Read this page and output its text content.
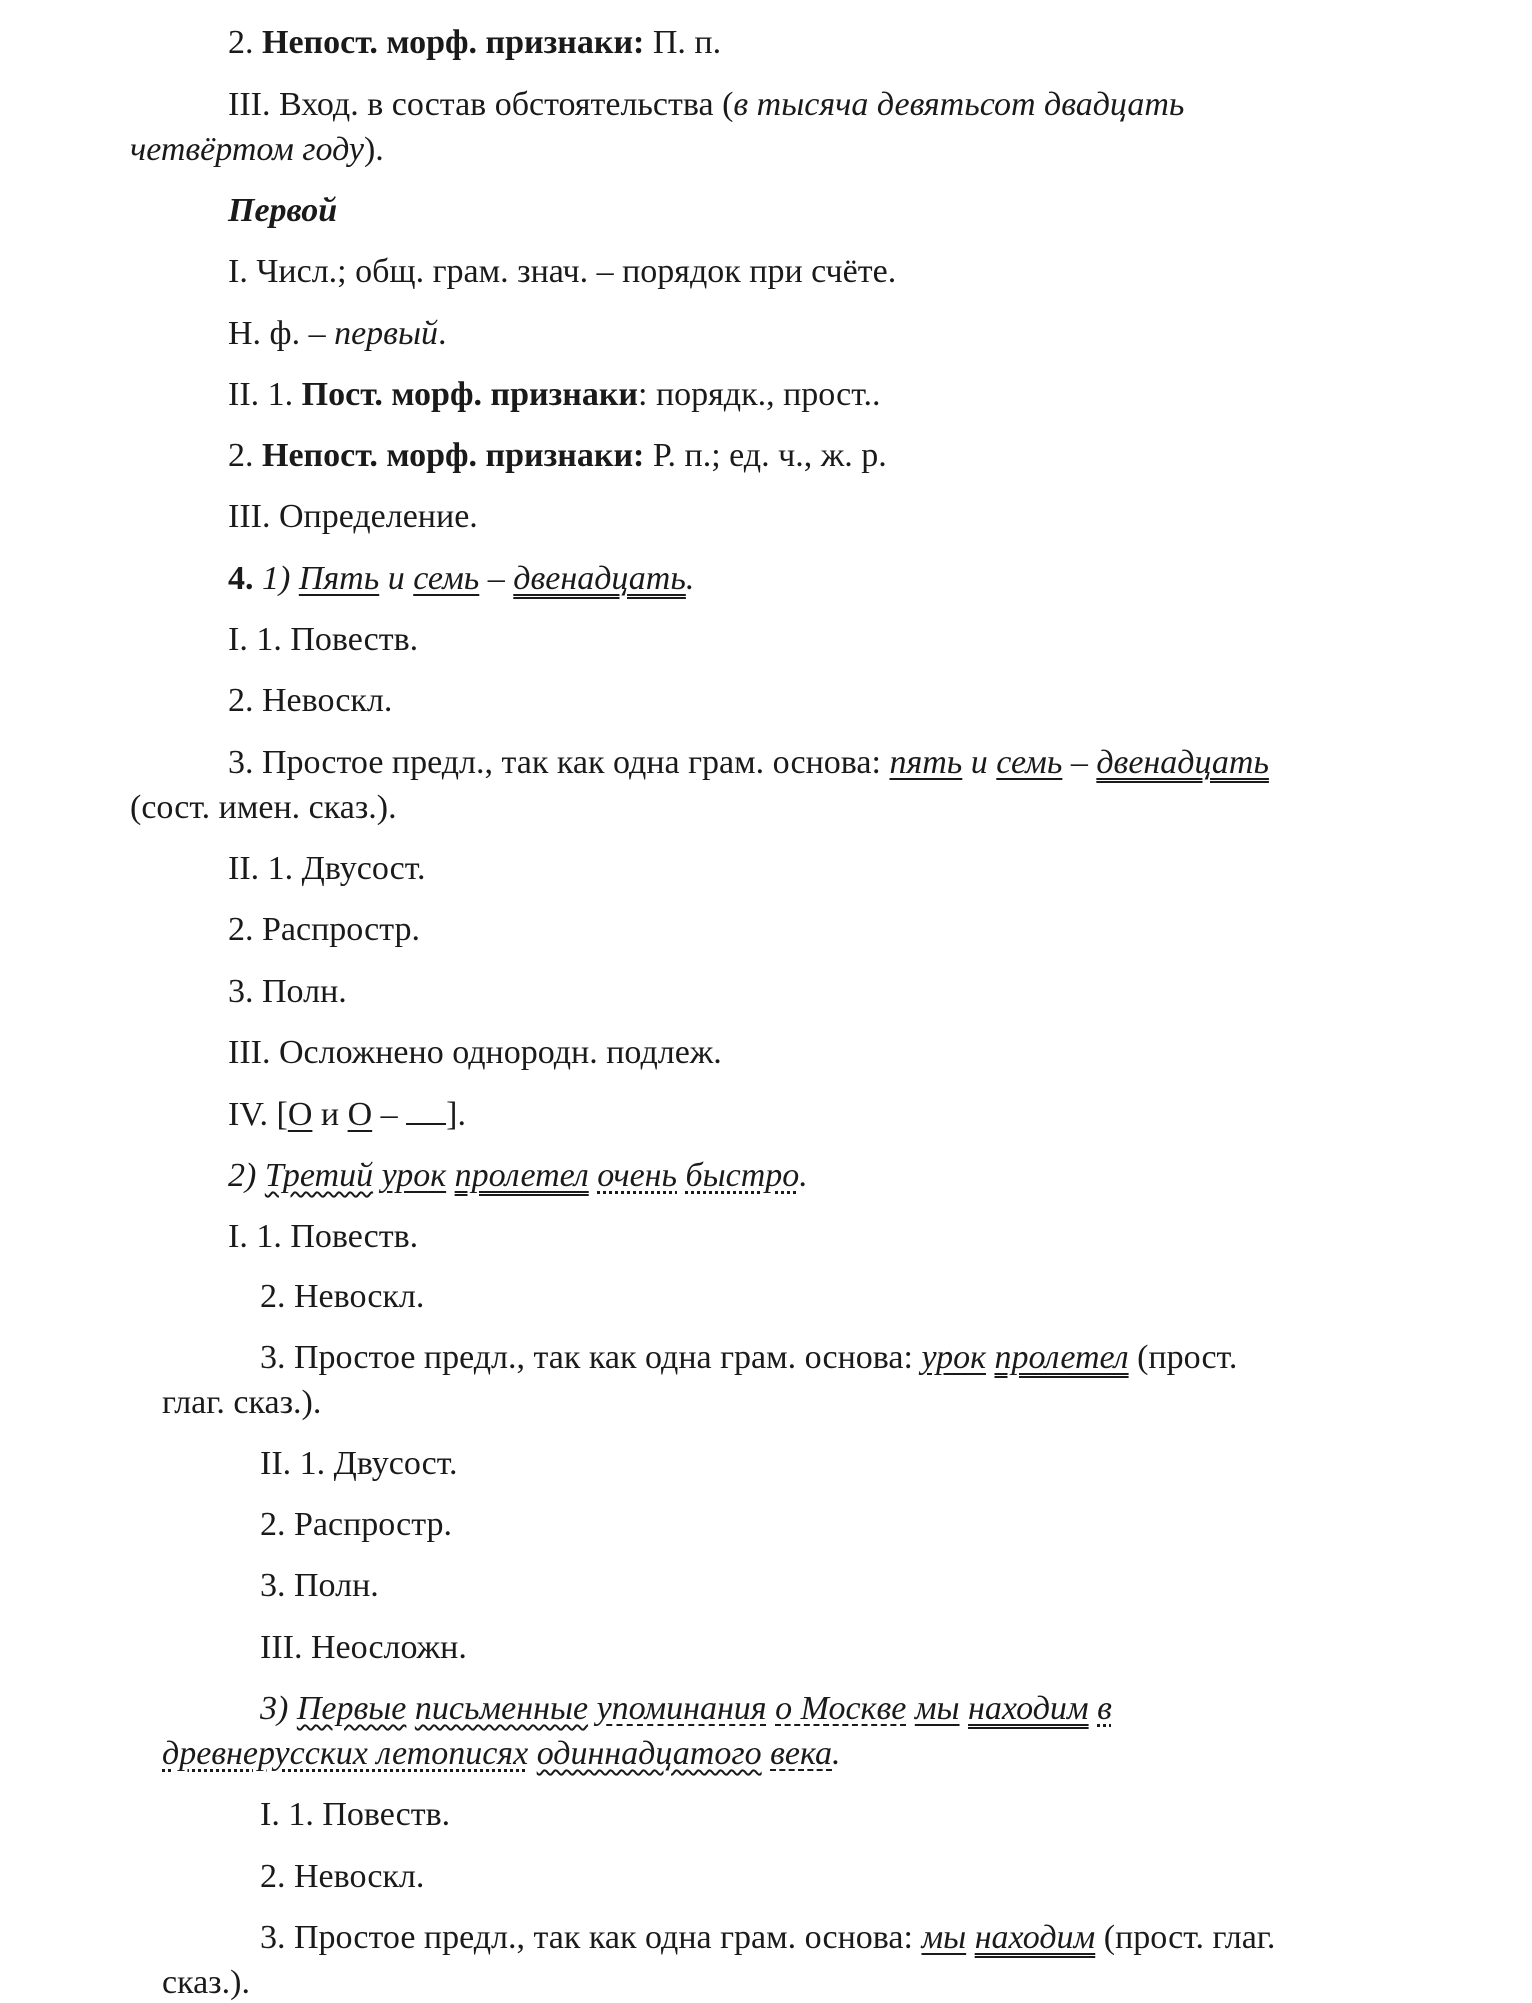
2. Непост. морф. признаки: П. п.

III. Вход. в состав обстоятельства (в тысяча девятьсот двадцать

четвёртом году).

Первой

I. Числ.; общ. грам. знач. – порядок при счёте.

Н. ф. – первый.

II. 1. Пост. морф. признаки: порядк., прост..

2. Непост. морф. признаки: Р. п.; ед. ч., ж. р.

III. Определение.

4. 1) Пять и семь – двенадцать.

I. 1. Повеств.

2. Невоскл.

3. Простое предл., так как одна грам. основа: пять и семь – двенадцать

(сост. имен. сказ.).

II. 1. Двусост.

2. Распростр.

3. Полн.

III. Осложнено однородн. подлеж.

IV. [О и О – ].

2) Третий урок пролетел очень быстро.

I. 1. Повеств.

2. Невоскл.

3. Простое предл., так как одна грам. основа: урок пролетел (прост.

глаг. сказ.).

II. 1. Двусост.

2. Распростр.

3. Полн.

III. Неосложн.

3) Первые письменные упоминания о Москве мы находим в

древнерусских летописях одиннадцатого века.

I. 1. Повеств.

2. Невоскл.

3. Простое предл., так как одна грам. основа: мы находим (прост. глаг.

сказ.).
